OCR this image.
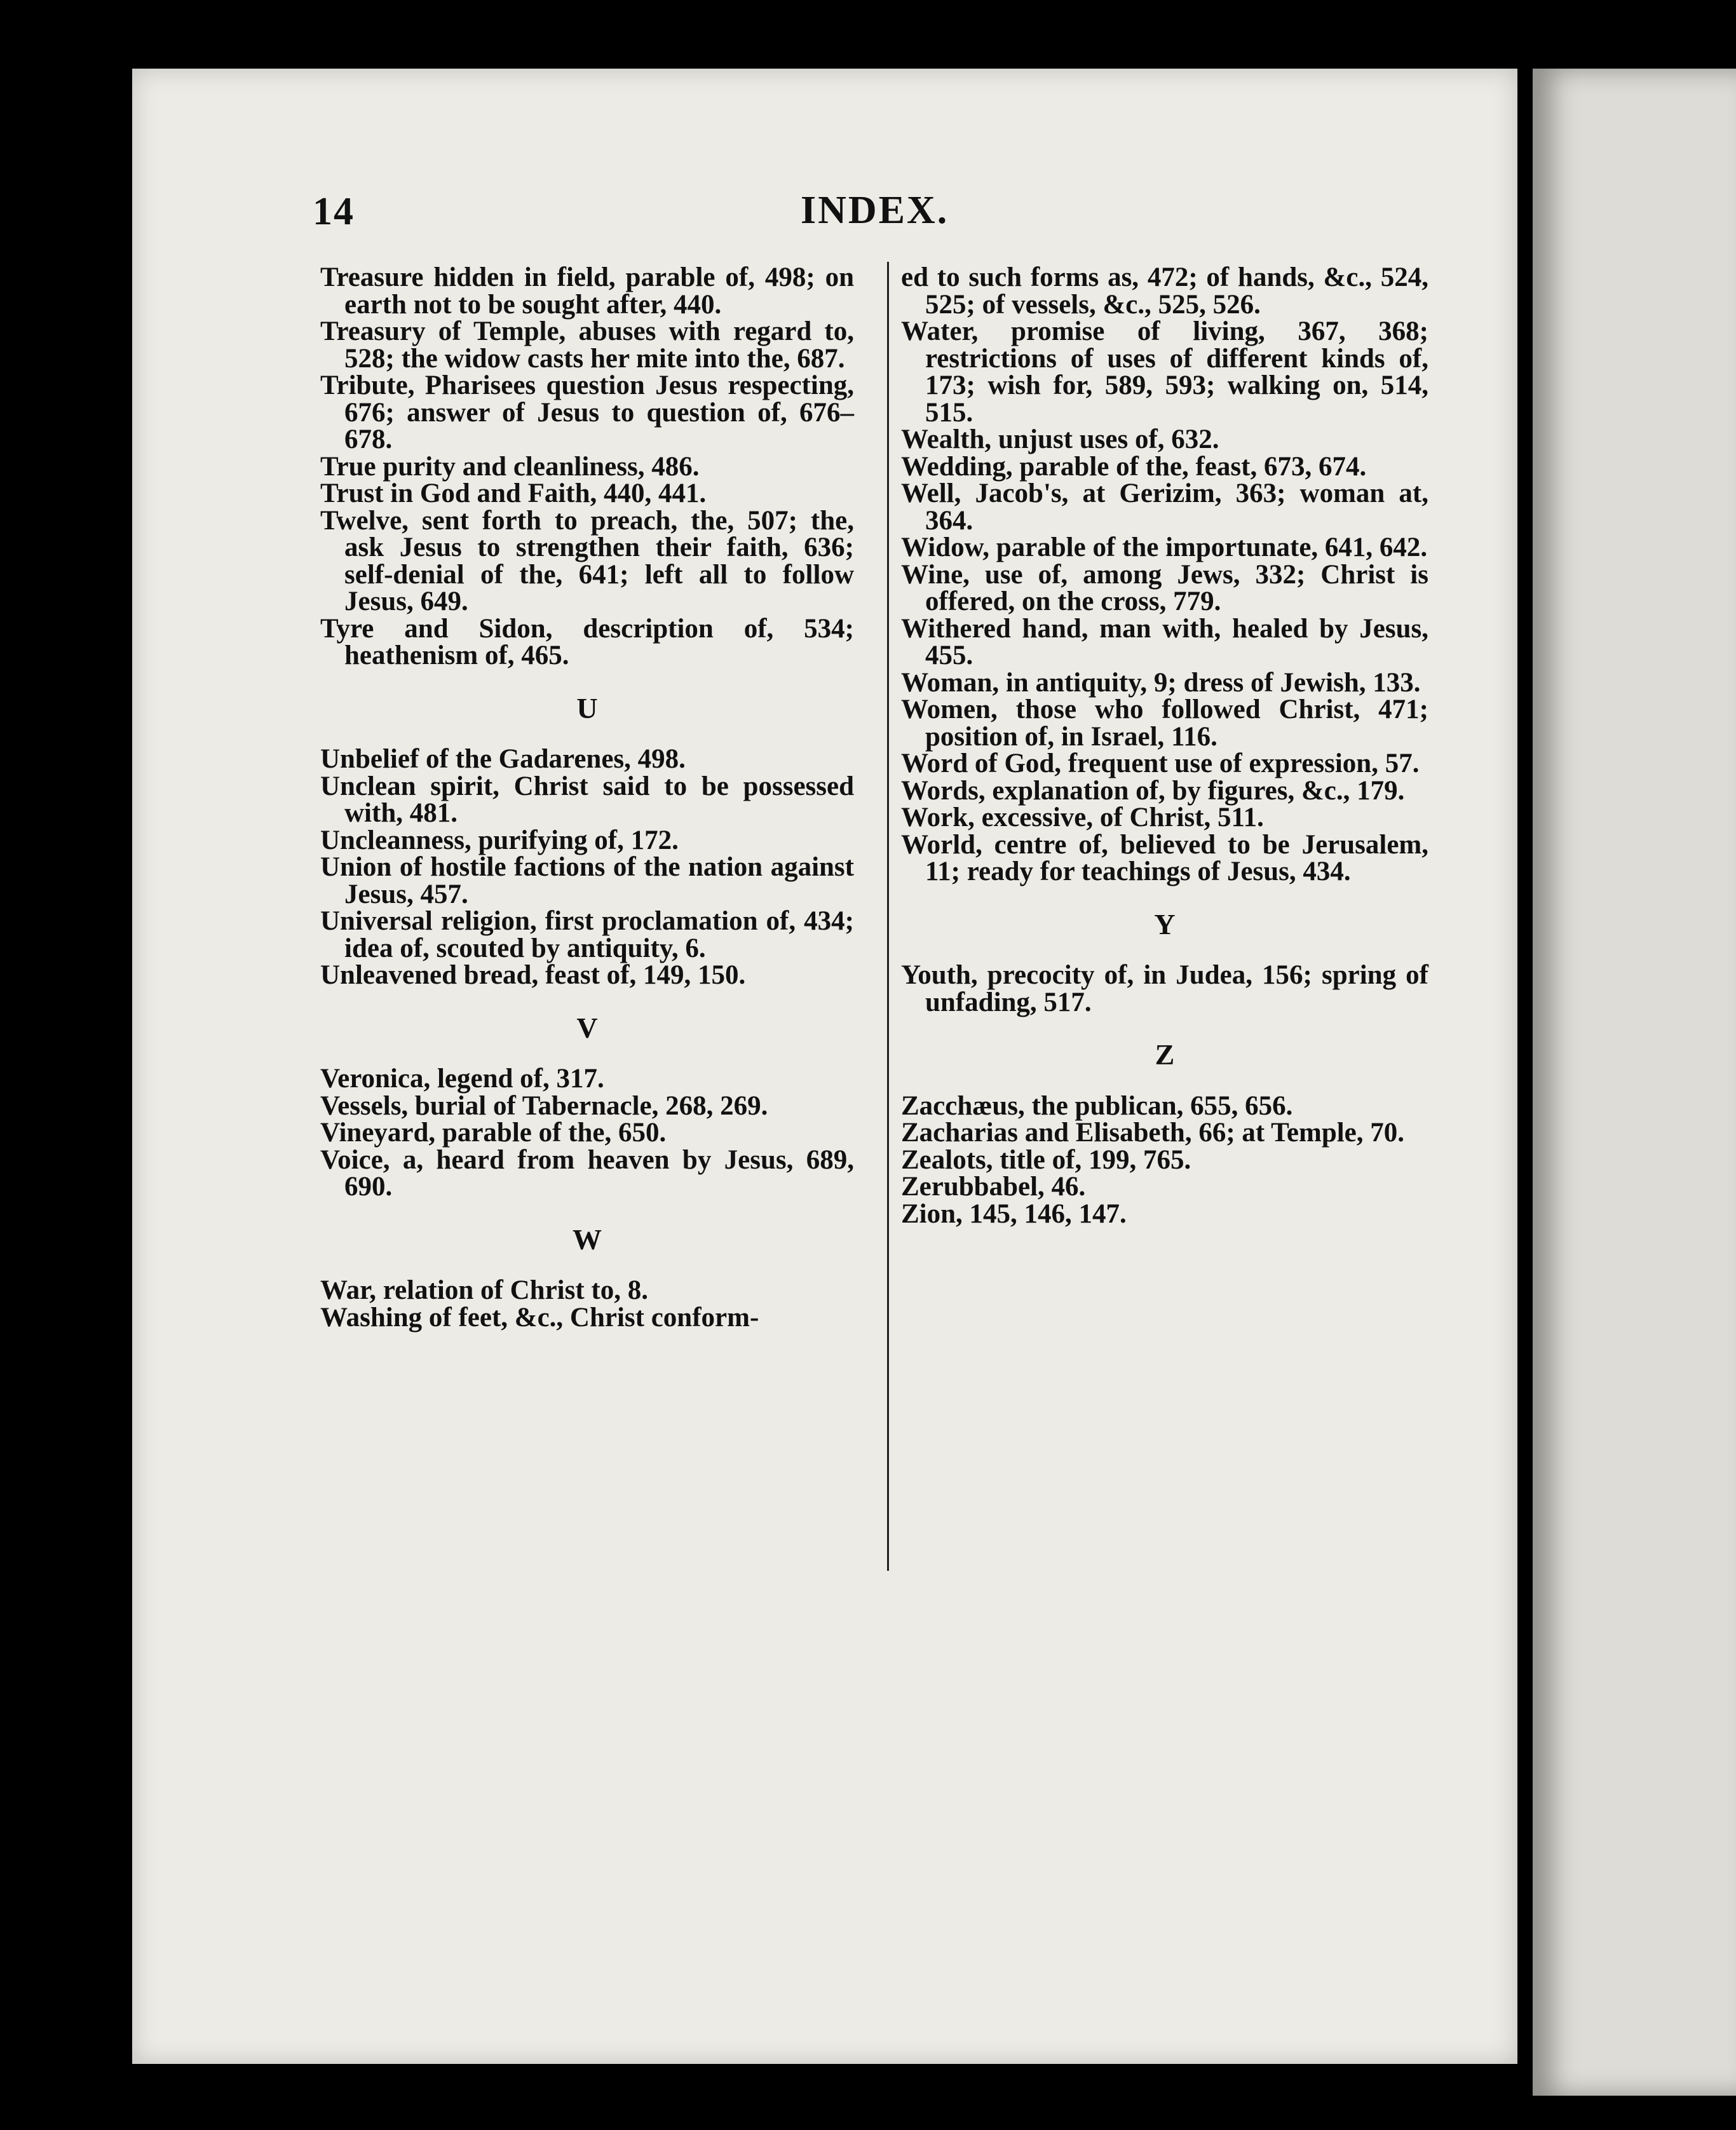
14	INDEX.

Treasure hidden in field, parable of, 498; on earth not to be sought after, 440.

Treasury of Temple, abuses with regard to, 528; the widow casts her mite into the, 687.

Tribute, Pharisees question Jesus respecting, 676; answer of Jesus to question of, 676–678.

True purity and cleanliness, 486.

Trust in God and Faith, 440, 441.

Twelve, sent forth to preach, the, 507; the, ask Jesus to strengthen their faith, 636; self-denial of the, 641; left all to follow Jesus, 649.

Tyre and Sidon, description of, 534; heathenism of, 465.

U

Unbelief of the Gadarenes, 498.

Unclean spirit, Christ said to be possessed with, 481.

Uncleanness, purifying of, 172.

Union of hostile factions of the nation against Jesus, 457.

Universal religion, first proclamation of, 434; idea of, scouted by antiquity, 6.

Unleavened bread, feast of, 149, 150.

V

Veronica, legend of, 317.

Vessels, burial of Tabernacle, 268, 269.

Vineyard, parable of the, 650.

Voice, a, heard from heaven by Jesus, 689, 690.

W

War, relation of Christ to, 8.

Washing of feet, &c., Christ conform-

ed to such forms as, 472; of hands, &c., 524, 525; of vessels, &c., 525, 526.

Water, promise of living, 367, 368; restrictions of uses of different kinds of, 173; wish for, 589, 593; walking on, 514, 515.

Wealth, unjust uses of, 632.

Wedding, parable of the, feast, 673, 674.

Well, Jacob's, at Gerizim, 363; woman at, 364.

Widow, parable of the importunate, 641, 642.

Wine, use of, among Jews, 332; Christ is offered, on the cross, 779.

Withered hand, man with, healed by Jesus, 455.

Woman, in antiquity, 9; dress of Jewish, 133.

Women, those who followed Christ, 471; position of, in Israel, 116.

Word of God, frequent use of expression, 57.

Words, explanation of, by figures, &c., 179.

Work, excessive, of Christ, 511.

World, centre of, believed to be Jerusalem, 11; ready for teachings of Jesus, 434.

Y

Youth, precocity of, in Judea, 156; spring of unfading, 517.

Z

Zacchæus, the publican, 655, 656.

Zacharias and Elisabeth, 66; at Temple, 70.

Zealots, title of, 199, 765.

Zerubbabel, 46.

Zion, 145, 146, 147.
